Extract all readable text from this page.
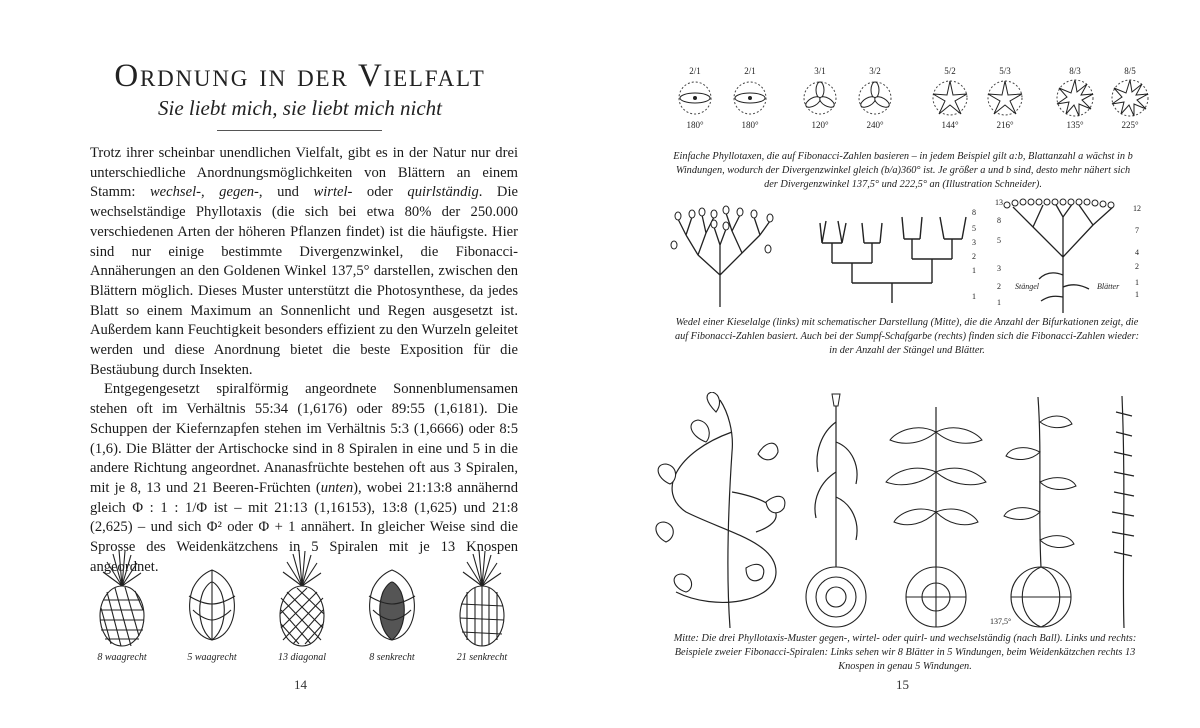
Ordnung in der Vielfalt
Sie liebt mich, sie liebt mich nicht

Trotz ihrer scheinbar unendlichen Vielfalt, gibt es in der Natur nur drei unterschiedliche Anordnungsmöglichkeiten von Blättern an einem Stamm: wechsel-, gegen-, und wirtel- oder quirlständig. Die wechselständige Phyllotaxis (die sich bei etwa 80% der 250.000 verschiedenen Arten der höheren Pflanzen findet) ist die häufigste. Hier sind nur einige bestimmte Divergenzwinkel, die Fibonacci-Annäherungen an den Goldenen Winkel 137,5° darstellen, zwischen den Blättern möglich. Dieses Muster unterstützt die Photosynthese, da jedes Blatt so einem Maximum an Sonnenlicht und Regen ausgesetzt ist. Außerdem kann Feuchtigkeit besonders effizient zu den Wurzeln geleitet werden und diese Anordnung bietet die beste Exposition für die Bestäubung durch Insekten.

Entgegengesetzt spiralförmig angeordnete Sonnenblumensamen stehen oft im Verhältnis 55:34 (1,6176) oder 89:55 (1,6181). Die Schuppen der Kiefernzapfen stehen im Verhältnis 5:3 (1,6666) oder 8:5 (1,6). Die Blätter der Artischocke sind in 8 Spiralen in eine und 5 in die andere Richtung angeordnet. Ananasfrüchte bestehen oft aus 3 Spiralen, mit je 8, 13 und 21 Beeren-Früchten (unten), wobei 21:13:8 annähernd gleich Φ : 1 : 1/Φ ist – mit 21:13 (1,16153), 13:8 (1,625) und 21:8 (2,625) – und sich Φ² oder Φ + 1 annähert. In gleicher Weise sind die Sprosse des Weidenkätzchens in 5 Spiralen mit je 13 Knospen angeordnet.

8 waagrecht	5 waagrecht	13 diagonal	8 senkrecht	21 senkrecht
14
2/1
180°
2/1
180°
3/1
120°
3/2
240°
5/2
144°
5/3
216°
8/3
135°
8/5
225°
Einfache Phyllotaxen, die auf Fibonacci-Zahlen basieren – in jedem Beispiel gilt a:b, Blattanzahl a wächst in b Windungen, wodurch der Divergenzwinkel gleich (b/a)360° ist. Je größer a und b sind, desto mehr nähert sich der Divergenzwinkel 137,5° und 222,5° an (Illustration Schneider).
8
5
3
2
1
1
13
8
5
3
2
1
12
7
4
2
1
1
Stängel	Blätter
Wedel einer Kieselalge (links) mit schematischer Darstellung (Mitte), die die Anzahl der Bifurkationen zeigt, die auf Fibonacci-Zahlen basiert. Auch bei der Sumpf-Schafgarbe (rechts) finden sich die Fibonacci-Zahlen wieder: in der Anzahl der Stängel und Blätter.
137,5°
Mitte: Die drei Phyllotaxis-Muster gegen-, wirtel- oder quirl- und wechselständig (nach Ball). Links und rechts: Beispiele zweier Fibonacci-Spiralen: Links sehen wir 8 Blätter in 5 Windungen, beim Weidenkätzchen rechts 13 Knospen in genau 5 Windungen.
15
